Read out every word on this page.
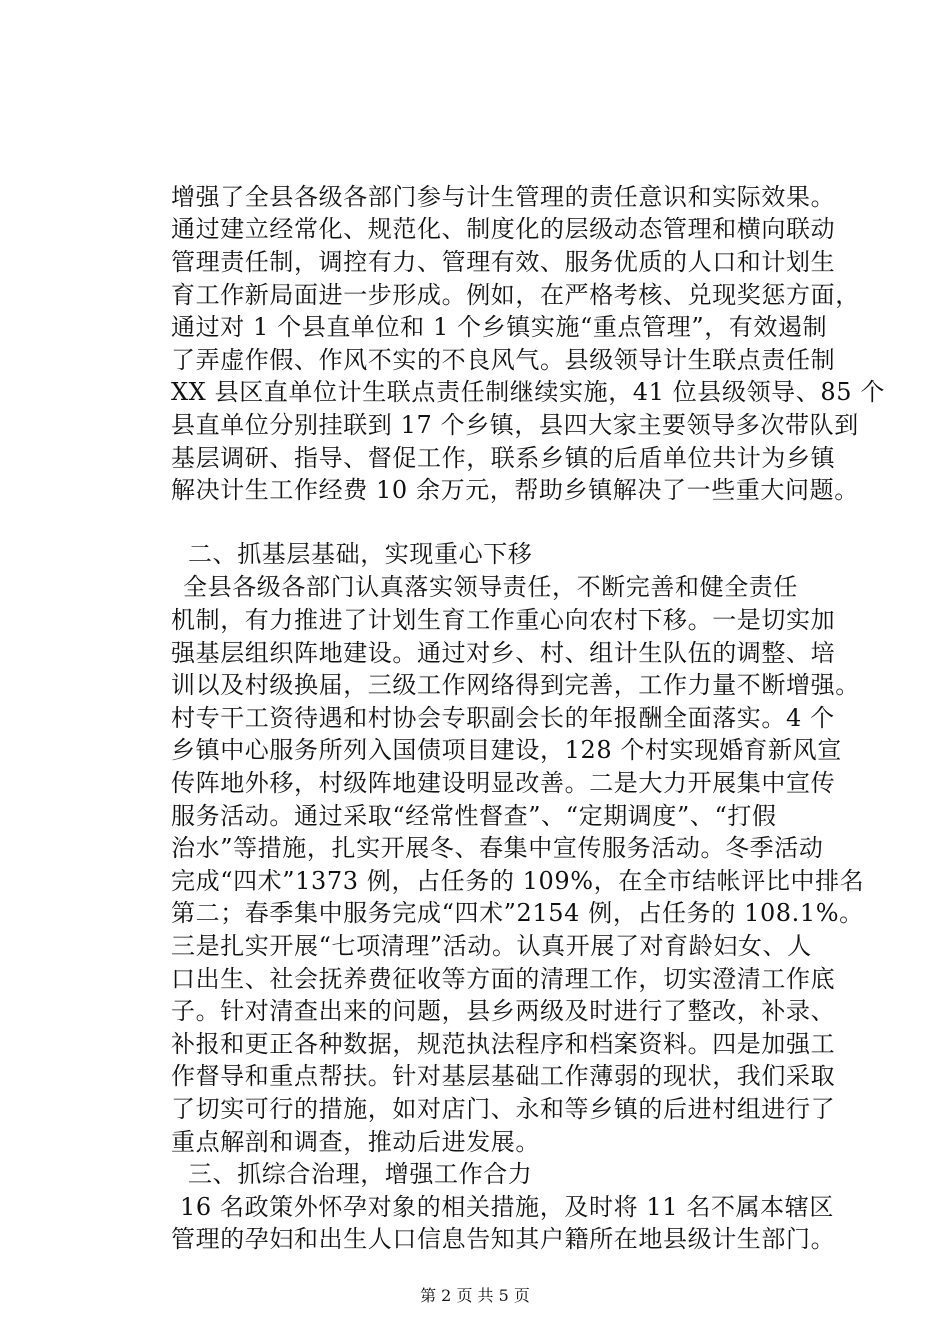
增强了全县各级各部门参与计生管理的责任意识和实际效果。
通过建立经常化、规范化、制度化的层级动态管理和横向联动
管理责任制，调控有力、管理有效、服务优质的人口和计划生
育工作新局面进一步形成。例如，在严格考核、兑现奖惩方面，
通过对 1 个县直单位和 1 个乡镇实施“重点管理”，有效遏制
了弄虚作假、作风不实的不良风气。县级领导计生联点责任制
XX 县区直单位计生联点责任制继续实施，41 位县级领导、85 个
县直单位分别挂联到 17 个乡镇，县四大家主要领导多次带队到
基层调研、指导、督促工作，联系乡镇的后盾单位共计为乡镇
解决计生工作经费 10 余万元，帮助乡镇解决了一些重大问题。
二、抓基层基础，实现重心下移
全县各级各部门认真落实领导责任，不断完善和健全责任
机制，有力推进了计划生育工作重心向农村下移。一是切实加
强基层组织阵地建设。通过对乡、村、组计生队伍的调整、培
训以及村级换届，三级工作网络得到完善，工作力量不断增强。
村专干工资待遇和村协会专职副会长的年报酬全面落实。4 个
乡镇中心服务所列入国债项目建设，128 个村实现婚育新风宣
传阵地外移，村级阵地建设明显改善。二是大力开展集中宣传
服务活动。通过采取“经常性督查”、“定期调度”、“打假
治水”等措施，扎实开展冬、春集中宣传服务活动。冬季活动
完成“四术”1373 例，占任务的 109%，在全市结帐评比中排名
第二；春季集中服务完成“四术”2154 例，占任务的 108.1%。
三是扎实开展“七项清理”活动。认真开展了对育龄妇女、人
口出生、社会抚养费征收等方面的清理工作，切实澄清工作底
子。针对清查出来的问题，县乡两级及时进行了整改，补录、
补报和更正各种数据，规范执法程序和档案资料。四是加强工
作督导和重点帮扶。针对基层基础工作薄弱的现状，我们采取
了切实可行的措施，如对店门、永和等乡镇的后进村组进行了
重点解剖和调查，推动后进发展。
三、抓综合治理，增强工作合力
16 名政策外怀孕对象的相关措施，及时将 11 名不属本辖区
管理的孕妇和出生人口信息告知其户籍所在地县级计生部门。
第 2 页 共 5 页
